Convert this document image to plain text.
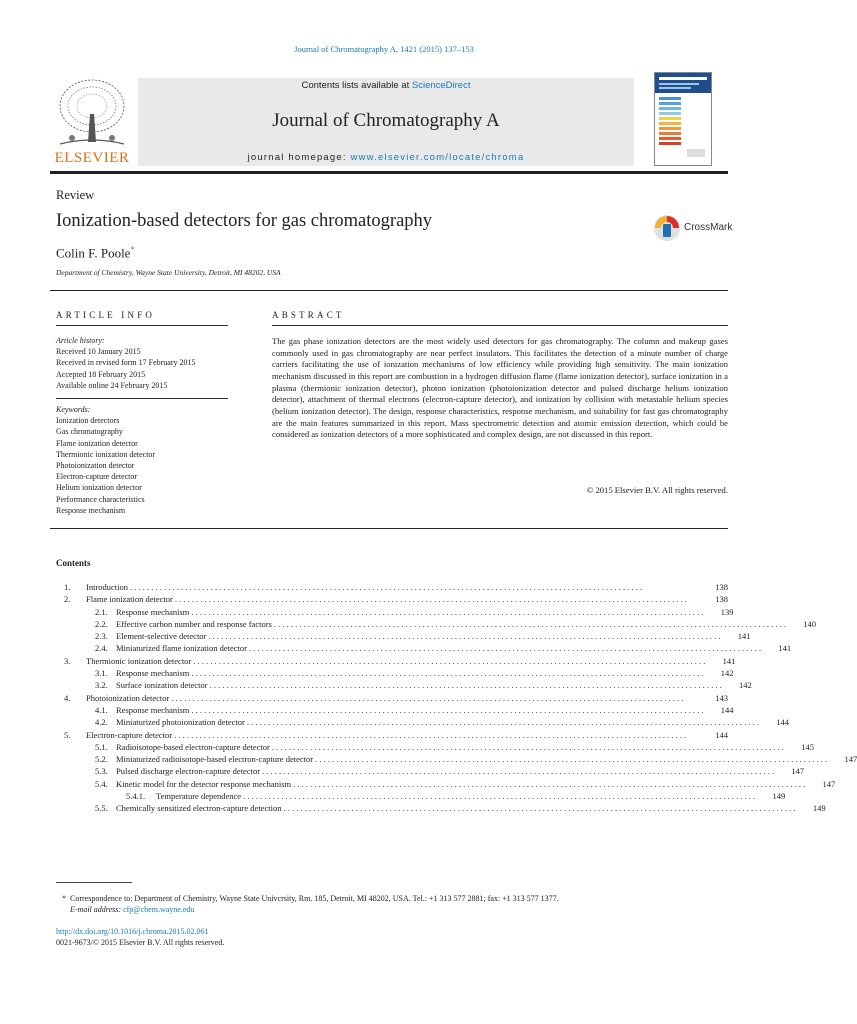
Journal of Chromatography A, 1421 (2015) 137–153
ELSEVIER
Contents lists available at ScienceDirect
Journal of Chromatography A
journal homepage: www.elsevier.com/locate/chroma
Review
Ionization-based detectors for gas chromatography
Colin F. Poole*
Department of Chemistry, Wayne State University, Detroit, MI 48202, USA
CrossMark
ARTICLE INFO	ABSTRACT
Article history:
Received 10 January 2015
Received in revised form 17 February 2015
Accepted 18 February 2015
Available online 24 February 2015
Keywords:
Ionization detectors
Gas chromatography
Flame ionization detector
Thermionic ionization detector
Photoionization detector
Electron-capture detector
Helium ionization detector
Performance characteristics
Response mechanism
The gas phase ionization detectors are the most widely used detectors for gas chromatography. The column and makeup gases commonly used in gas chromatography are near perfect insulators. This facilitates the detection of a minute number of charge carriers facilitating the use of ionization mechanisms of low efficiency while providing high sensitivity. The main ionization mechanism discussed in this report are combustion in a hydrogen diffusion flame (flame ionization detector), surface ionization in a plasma (thermionic ionization detector), photon ionization (photoionization detector and pulsed discharge helium ionization detector), attachment of thermal electrons (electron-capture detector), and ionization by collision with metastable helium species (helium ionization detector). The design, response characteristics, response mechanism, and suitability for fast gas chromatography are the main features summarized in this report. Mass spectrometric detection and atomic emission detection, which could be considered as ionization detectors of a more sophisticated and complex design, are not discussed in this report.
© 2015 Elsevier B.V. All rights reserved.
Contents
1.	Introduction . . . . . . . . . . . . . . . . . . . . . . . . . . . . . . . . . . . . . . . . . . . . . . . . . . . . . . . . . . . . . . . . . . . . . . . . . . . . . . . . . . . . . . . . . . . . . . . . . . . . . . . . . . . . . . . . . . . . . . . . .	138
2.	Flame ionization detector . . . . . . . . . . . . . . . . . . . . . . . . . . . . . . . . . . . . . . . . . . . . . . . . . . . . . . . . . . . . . . . . . . . . . . . . . . . . . . . . . . . . . . . . . . . . . . . . . . . . . . . . . . . . . . . . . . . . . . . . .	138
2.1. Response mechanism . . . . . . . . . . . . . . . . . . . . . . . . . . . . . . . . . . . . . . . . . . . . . . . . . . . . . . . . . . . . . . . . . . . . . . . . . . . . . . . . . . . . . . . . . . . . . . . . . . . . . . . . . . . . . . . . . . . . . . . . .	139
2.2. Effective carbon number and response factors . . . . . . . . . . . . . . . . . . . . . . . . . . . . . . . . . . . . . . . . . . . . . . . . . . . . . . . . . . . . . . . . . . . . . . . . . . . . . . . . . . . . . . . . . . . . . . . . . . . . . . . . . . . . . . . . . . . . . . . . .	140
2.3. Element-selective detector . . . . . . . . . . . . . . . . . . . . . . . . . . . . . . . . . . . . . . . . . . . . . . . . . . . . . . . . . . . . . . . . . . . . . . . . . . . . . . . . . . . . . . . . . . . . . . . . . . . . . . . . . . . . . . . . . . . . . . . . .	141
2.4. Miniaturized flame ionization detector . . . . . . . . . . . . . . . . . . . . . . . . . . . . . . . . . . . . . . . . . . . . . . . . . . . . . . . . . . . . . . . . . . . . . . . . . . . . . . . . . . . . . . . . . . . . . . . . . . . . . . . . . . . . . . . . . . . . . . . . .	141
3.	Thermionic ionization detector . . . . . . . . . . . . . . . . . . . . . . . . . . . . . . . . . . . . . . . . . . . . . . . . . . . . . . . . . . . . . . . . . . . . . . . . . . . . . . . . . . . . . . . . . . . . . . . . . . . . . . . . . . . . . . . . . . . . . . . . .	141
3.1. Response mechanism . . . . . . . . . . . . . . . . . . . . . . . . . . . . . . . . . . . . . . . . . . . . . . . . . . . . . . . . . . . . . . . . . . . . . . . . . . . . . . . . . . . . . . . . . . . . . . . . . . . . . . . . . . . . . . . . . . . . . . . . .	142
3.2. Surface ionization detector . . . . . . . . . . . . . . . . . . . . . . . . . . . . . . . . . . . . . . . . . . . . . . . . . . . . . . . . . . . . . . . . . . . . . . . . . . . . . . . . . . . . . . . . . . . . . . . . . . . . . . . . . . . . . . . . . . . . . . . . .	142
4.	Photoionization detector . . . . . . . . . . . . . . . . . . . . . . . . . . . . . . . . . . . . . . . . . . . . . . . . . . . . . . . . . . . . . . . . . . . . . . . . . . . . . . . . . . . . . . . . . . . . . . . . . . . . . . . . . . . . . . . . . . . . . . . . .	143
4.1. Response mechanism . . . . . . . . . . . . . . . . . . . . . . . . . . . . . . . . . . . . . . . . . . . . . . . . . . . . . . . . . . . . . . . . . . . . . . . . . . . . . . . . . . . . . . . . . . . . . . . . . . . . . . . . . . . . . . . . . . . . . . . . .	144
4.2. Miniaturized photoionization detector . . . . . . . . . . . . . . . . . . . . . . . . . . . . . . . . . . . . . . . . . . . . . . . . . . . . . . . . . . . . . . . . . . . . . . . . . . . . . . . . . . . . . . . . . . . . . . . . . . . . . . . . . . . . . . . . . . . . . . . . .	144
5.	Electron-capture detector . . . . . . . . . . . . . . . . . . . . . . . . . . . . . . . . . . . . . . . . . . . . . . . . . . . . . . . . . . . . . . . . . . . . . . . . . . . . . . . . . . . . . . . . . . . . . . . . . . . . . . . . . . . . . . . . . . . . . . . . .	144
5.1. Radioisotope-based electron-capture detector . . . . . . . . . . . . . . . . . . . . . . . . . . . . . . . . . . . . . . . . . . . . . . . . . . . . . . . . . . . . . . . . . . . . . . . . . . . . . . . . . . . . . . . . . . . . . . . . . . . . . . . . . . . . . . . . . . . . . . . . .	145
5.2. Miniaturized radioisotope-based electron-capture detector . . . . . . . . . . . . . . . . . . . . . . . . . . . . . . . . . . . . . . . . . . . . . . . . . . . . . . . . . . . . . . . . . . . . . . . . . . . . . . . . . . . . . . . . . . . . . . . . . . . . . . . . . . . . . . . . . . . . . . . . .	147
5.3. Pulsed discharge electron-capture detector . . . . . . . . . . . . . . . . . . . . . . . . . . . . . . . . . . . . . . . . . . . . . . . . . . . . . . . . . . . . . . . . . . . . . . . . . . . . . . . . . . . . . . . . . . . . . . . . . . . . . . . . . . . . . . . . . . . . . . . . .	147
5.4. Kinetic model for the detector response mechanism . . . . . . . . . . . . . . . . . . . . . . . . . . . . . . . . . . . . . . . . . . . . . . . . . . . . . . . . . . . . . . . . . . . . . . . . . . . . . . . . . . . . . . . . . . . . . . . . . . . . . . . . . . . . . . . . . . . . . . . . .	147
5.4.1.	Temperature dependence . . . . . . . . . . . . . . . . . . . . . . . . . . . . . . . . . . . . . . . . . . . . . . . . . . . . . . . . . . . . . . . . . . . . . . . . . . . . . . . . . . . . . . . . . . . . . . . . . . . . . . . . . . . . . . . . . . . . . . . . .	149
5.5. Chemically sensitized electron-capture detection . . . . . . . . . . . . . . . . . . . . . . . . . . . . . . . . . . . . . . . . . . . . . . . . . . . . . . . . . . . . . . . . . . . . . . . . . . . . . . . . . . . . . . . . . . . . . . . . . . . . . . . . . . . . . . . . . . . . . . . . .	149
* Correspondence to: Department of Chemistry, Wayne State Univcrsity, Rm. 185, Detroit, MI 48202, USA. Tel.: +1 313 577 2881; fax: +1 313 577 1377.
E-mail address: cfp@chem.wayne.edu
http://dx.doi.org/10.1016/j.chroma.2015.02.061
0021-9673/© 2015 Elsevier B.V. All rights reserved.
